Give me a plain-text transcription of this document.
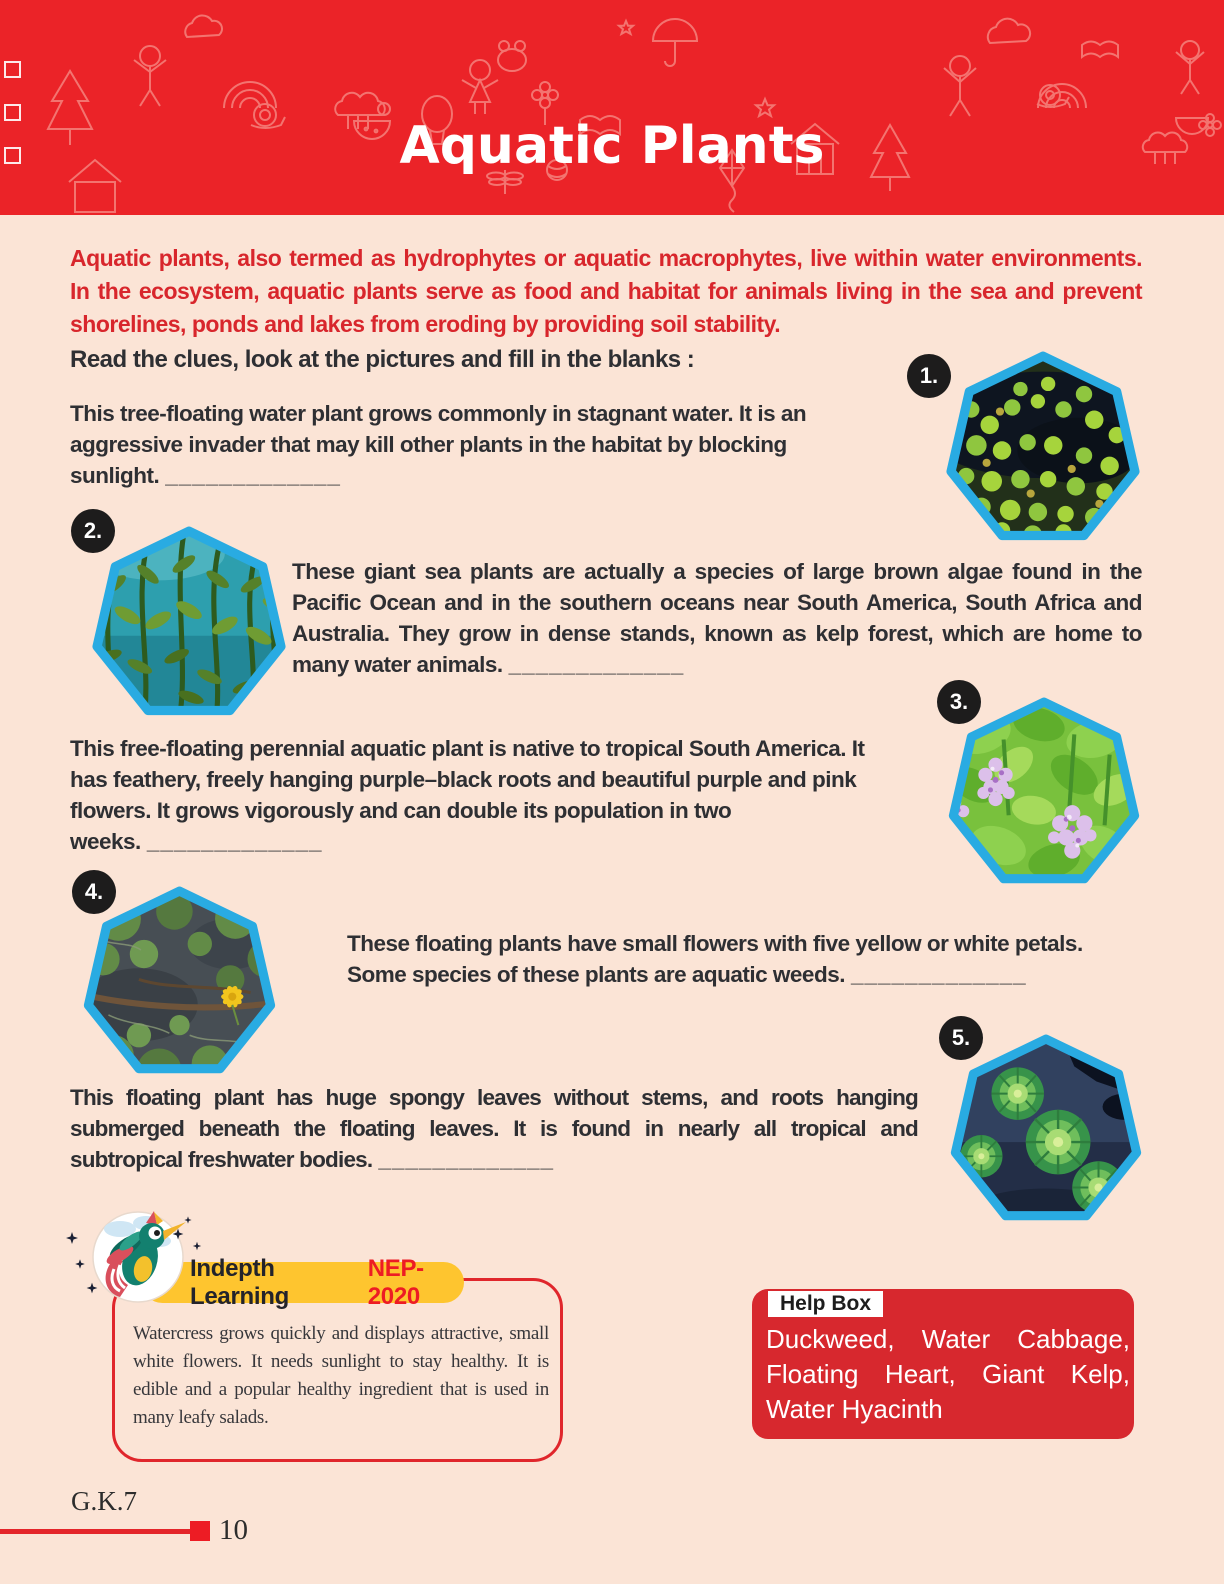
Aquatic Plants
Aquatic plants, also termed as hydrophytes or aquatic macrophytes, live within water environments. In the ecosystem, aquatic plants serve as food and habitat for animals living in the sea and prevent shorelines, ponds and lakes from eroding by providing soil stability.
Read the clues, look at the pictures and fill in the blanks :
1.
This tree-floating water plant grows commonly in stagnant water. It is an aggressive invader that may kill other plants in the habitat by blocking sunlight. _____________
2.
These giant sea plants are actually a species of large brown algae found in the Pacific Ocean and in the southern oceans near South America, South Africa and Australia. They grow in dense stands, known as kelp forest, which are home to many water animals. _____________
This free-floating perennial aquatic plant is native to tropical South America. It has feathery, freely hanging purple–black roots and beautiful purple and pink flowers. It grows vigorously and can double its population in two weeks. _____________
3.
4.
These floating plants have small flowers with five yellow or white petals. Some species of these plants are aquatic weeds. _____________
This floating plant has huge spongy leaves without stems, and roots hanging submerged beneath the floating leaves. It is found in nearly all tropical and subtropical freshwater bodies. _____________
5.
Indepth Learning
NEP-2020
Watercress grows quickly and displays attractive, small white flowers. It needs sunlight to stay healthy. It is edible and a popular healthy ingredient that is used in many leafy salads.
Help Box
Duckweed, Water Cabbage, Floating Heart, Giant Kelp, Water Hyacinth
G.K.7
10
